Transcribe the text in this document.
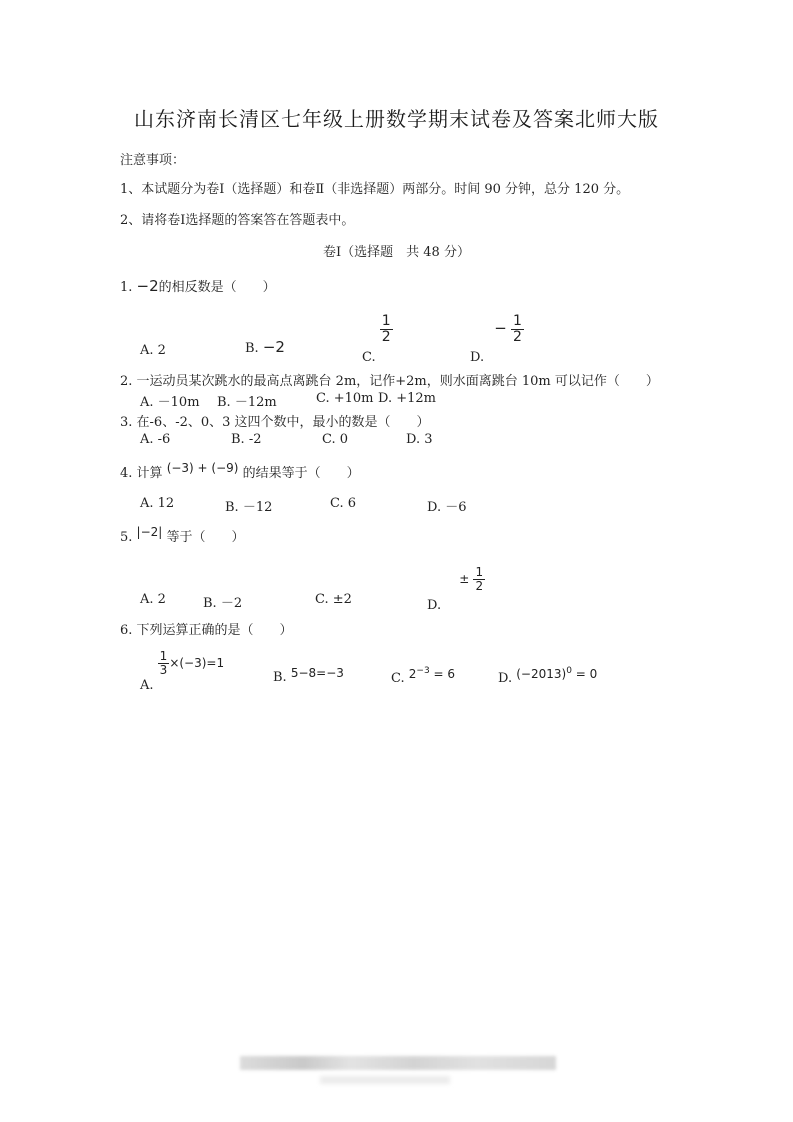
山东济南长清区七年级上册数学期末试卷及答案北师大版
注意事项：
1、本试题分为卷Ⅰ（选择题）和卷Ⅱ（非选择题）两部分。时间 90 分钟，总分 120 分。
2、请将卷Ⅰ选择题的答案答在答题表中。
卷Ⅰ（选择题　共 48 分）
1. −2的相反数是（　　）
A. 2	B. −2
C.
$\frac{1}{2}$
D. − $\frac{1}{2}$
2. 一运动员某次跳水的最高点离跳台 2m，记作+2m，则水面离跳台 10m 可以记作（　　）
A. －10m B. －12m	C. +10m D. +12m
3. 在-6、-2、0、3 这四个数中，最小的数是（　　）
A. -6	B. -2	C. 0	D. 3
4. 计算 (−3) + (−9) 的结果等于（　　）
A. 12	B. －12	C. 6	D. －6
5. |−2| 等于（　　）
A. 2	B. －2	C. ±2	D. ± $\frac{1}{2}$
6. 下列运算正确的是（　　）
A.
$\frac{1}{3} \times(-3)=1$
B. 5−8=−3	C. $2^{-3} = 6$	D. $(-2013)^0 = 0$
